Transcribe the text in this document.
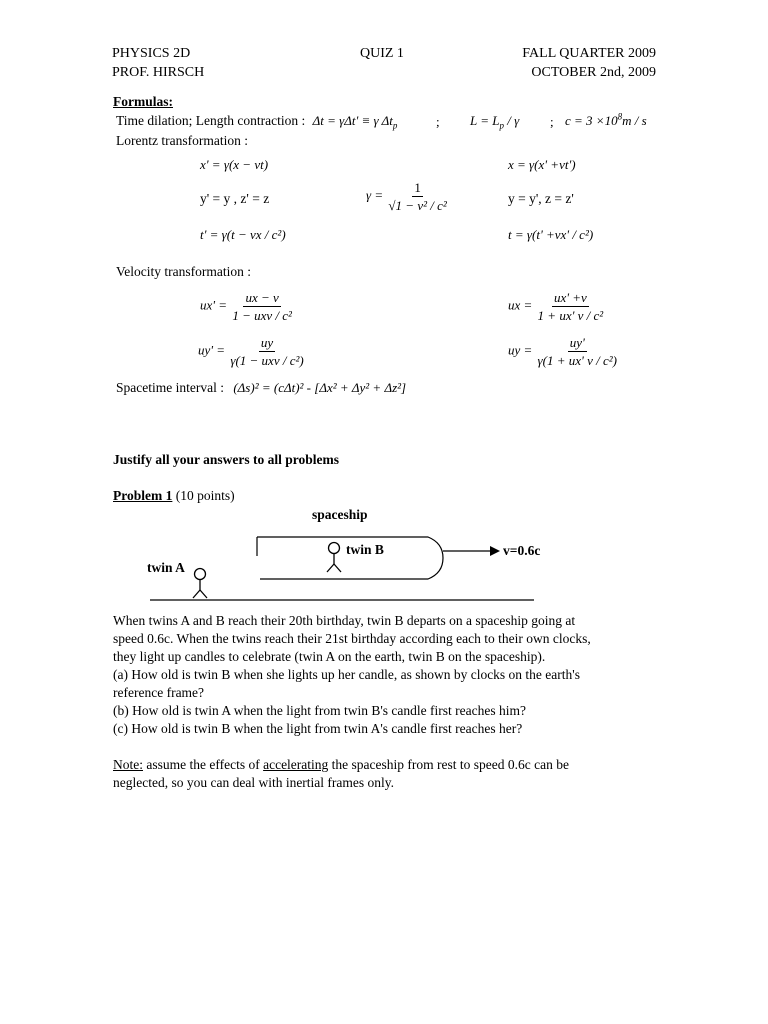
PHYSICS 2D	QUIZ 1	FALL QUARTER 2009
PROF. HIRSCH	OCTOBER 2nd, 2009
Formulas:
Time dilation; Length contraction : Δt = γΔt' ≡ γ $\Delta t_p$	; $L = L_p / \gamma$ ; $c = 3 \times 10^8m / s$
Lorentz transformation :
x' = γ(x − vt)	x = γ(x' +vt')
y' = y , z' = z	$\gamma = \frac{1}{\text{√1 − v² / c²}}$	y = y', z = z'
t' = γ(t − vx / c²)	t = γ(t' +vx' / c²)
Velocity transformation :
$ux' = \frac{ux - v}{\text{1 − uxv / c²}}$	ux = $\frac{ux' +v}{\text{1 + ux' v / c²}}$
$uy' = \frac{uy}{\text{γ(1 − uxv / c²)}}$	uy = $\frac{uy'}{\text{γ(1 + ux' v / c²)}}$
Spacetime interval : (Δs)² = (cΔt)² - [Δx² + Δy² + Δz²]
Justify all your answers to all problems
Problem 1 (10 points)
spaceship
twin B	v=0.6c
twin A

When twins A and B reach their 20th birthday, twin B departs on a spaceship going at

speed 0.6c. When the twins reach their 21st birthday according each to their own clocks,

they light up candles to celebrate (twin A on the earth, twin B on the spaceship).

(a) How old is twin B when she lights up her candle, as shown by clocks on the earth's

reference frame?

(b) How old is twin A when the light from twin B's candle first reaches him?

(c) How old is twin B when the light from twin A's candle first reaches her?

Note: assume the effects of accelerating the spaceship from rest to speed 0.6c can be

neglected, so you can deal with inertial frames only.
